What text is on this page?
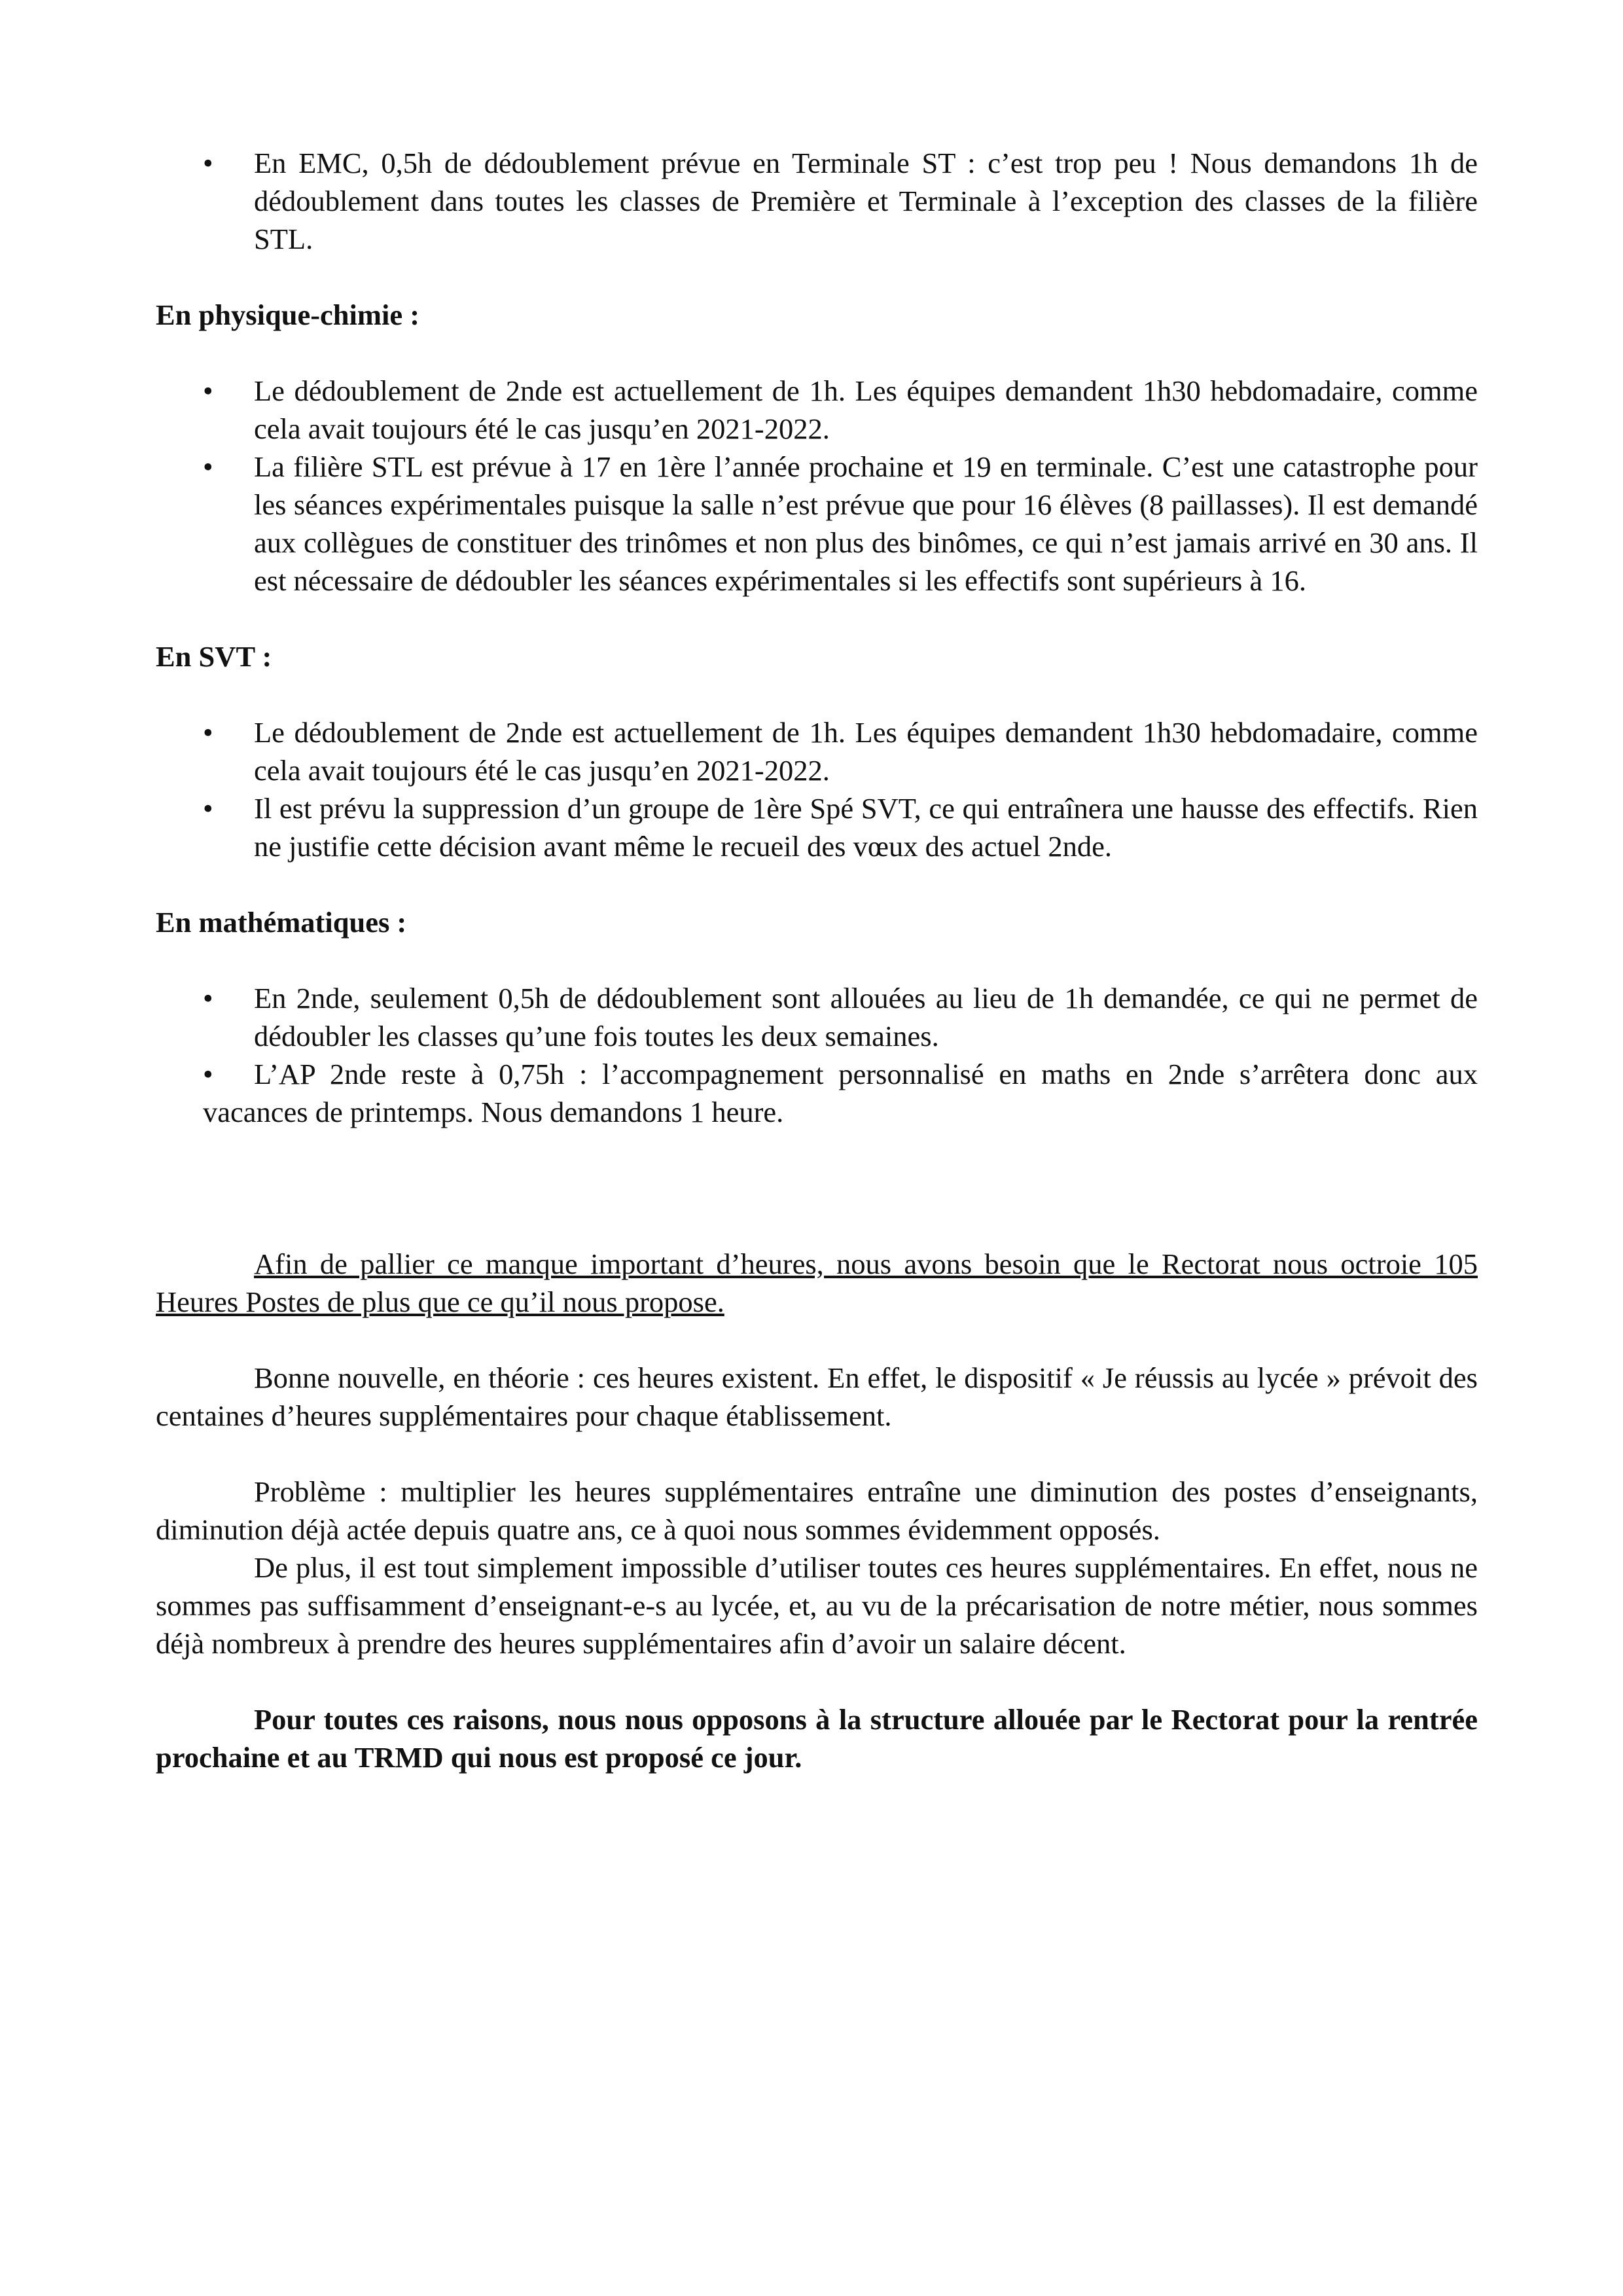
• En EMC, 0,5h de dédoublement prévue en Terminale ST : c’est trop peu ! Nous demandons 1h de dédoublement dans toutes les classes de Première et Terminale à l’exception des classes de la filière STL.

En physique-chimie :

• Le dédoublement de 2nde est actuellement de 1h. Les équipes demandent 1h30 hebdomadaire, comme cela avait toujours été le cas jusqu’en 2021-2022.
• La filière STL est prévue à 17 en 1ère l’année prochaine et 19 en terminale. C’est une catastrophe pour les séances expérimentales puisque la salle n’est prévue que pour 16 élèves (8 paillasses). Il est demandé aux collègues de constituer des trinômes et non plus des binômes, ce qui n’est jamais arrivé en 30 ans. Il est nécessaire de dédoubler les séances expérimentales si les effectifs sont supérieurs à 16.

En SVT :

• Le dédoublement de 2nde est actuellement de 1h. Les équipes demandent 1h30 hebdomadaire, comme cela avait toujours été le cas jusqu’en 2021-2022.
• Il est prévu la suppression d’un groupe de 1ère Spé SVT, ce qui entraînera une hausse des effectifs. Rien ne justifie cette décision avant même le recueil des vœux des actuel 2nde.

En mathématiques :

• En 2nde, seulement 0,5h de dédoublement sont allouées au lieu de 1h demandée, ce qui ne permet de dédoubler les classes qu’une fois toutes les deux semaines.

• L’AP 2nde reste à 0,75h : l’accompagnement personnalisé en maths en 2nde s’arrêtera donc aux vacances de printemps. Nous demandons 1 heure.

Afin de pallier ce manque important d’heures, nous avons besoin que le Rectorat nous octroie 105 Heures Postes de plus que ce qu’il nous propose.

Bonne nouvelle, en théorie : ces heures existent. En effet, le dispositif « Je réussis au lycée » prévoit des centaines d’heures supplémentaires pour chaque établissement.

Problème : multiplier les heures supplémentaires entraîne une diminution des postes d’enseignants, diminution déjà actée depuis quatre ans, ce à quoi nous sommes évidemment opposés.

De plus, il est tout simplement impossible d’utiliser toutes ces heures supplémentaires. En effet, nous ne sommes pas suffisamment d’enseignant-e-s au lycée, et, au vu de la précarisation de notre métier, nous sommes déjà nombreux à prendre des heures supplémentaires afin d’avoir un salaire décent.

Pour toutes ces raisons, nous nous opposons à la structure allouée par le Rectorat pour la rentrée prochaine et au TRMD qui nous est proposé ce jour.
